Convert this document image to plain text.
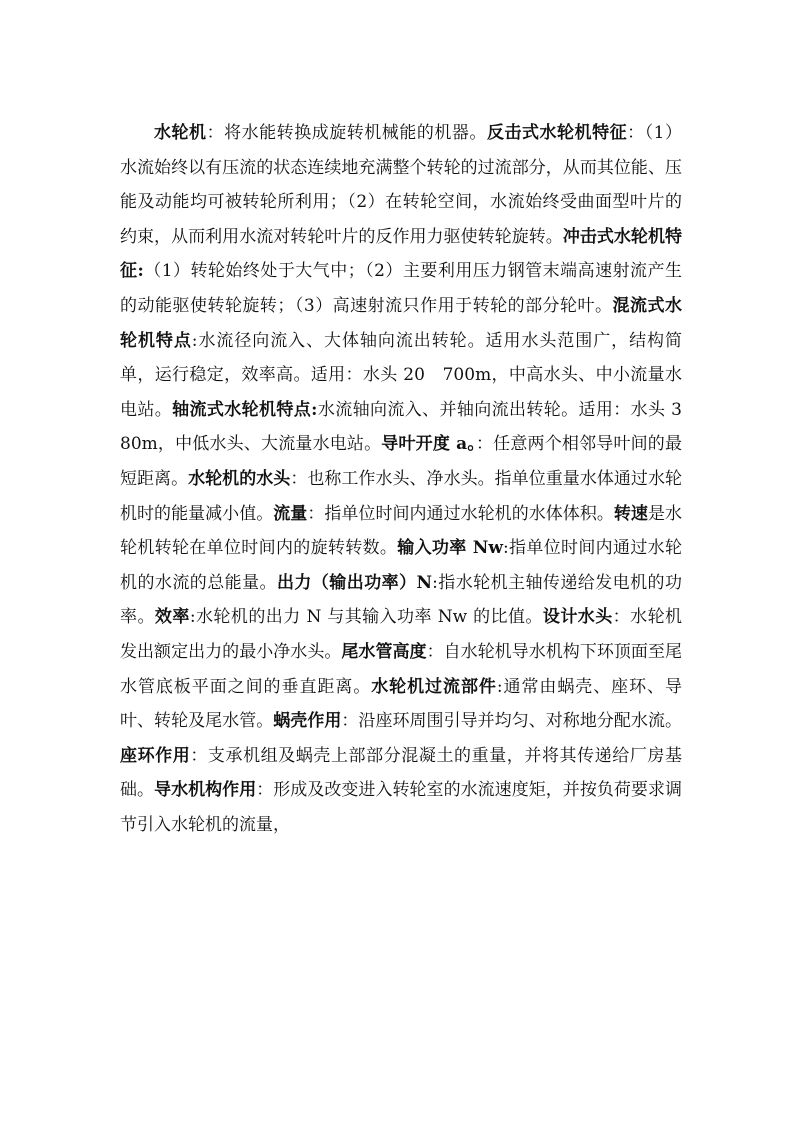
水轮机：将水能转换成旋转机械能的机器。反击式水轮机特征：（1）水流始终以有压流的状态连续地充满整个转轮的过流部分，从而其位能、压能及动能均可被转轮所利用；（2）在转轮空间，水流始终受曲面型叶片的约束，从而利用水流对转轮叶片的反作用力驱使转轮旋转。冲击式水轮机特征:（1）转轮始终处于大气中；（2）主要利用压力钢管末端高速射流产生的动能驱使转轮旋转；（3）高速射流只作用于转轮的部分轮叶。混流式水轮机特点:水流径向流入、大体轴向流出转轮。适用水头范围广，结构简单，运行稳定，效率高。适用：水头 20　700m，中高水头、中小流量水电站。轴流式水轮机特点:水流轴向流入、并轴向流出转轮。适用：水头 3　80m，中低水头、大流量水电站。导叶开度 a。：任意两个相邻导叶间的最短距离。水轮机的水头：也称工作水头、净水头。指单位重量水体通过水轮机时的能量减小值。流量：指单位时间内通过水轮机的水体体积。转速是水轮机转轮在单位时间内的旋转转数。输入功率 Nw:指单位时间内通过水轮机的水流的总能量。出力（输出功率）N:指水轮机主轴传递给发电机的功率。效率:水轮机的出力 N 与其输入功率 Nw 的比值。设计水头：水轮机发出额定出力的最小净水头。尾水管高度：自水轮机导水机构下环顶面至尾水管底板平面之间的垂直距离。水轮机过流部件:通常由蜗壳、座环、导叶、转轮及尾水管。蜗壳作用：沿座环周围引导并均匀、对称地分配水流。座环作用：支承机组及蜗壳上部部分混凝土的重量，并将其传递给厂房基础。导水机构作用：形成及改变进入转轮室的水流速度矩，并按负荷要求调节引入水轮机的流量，
